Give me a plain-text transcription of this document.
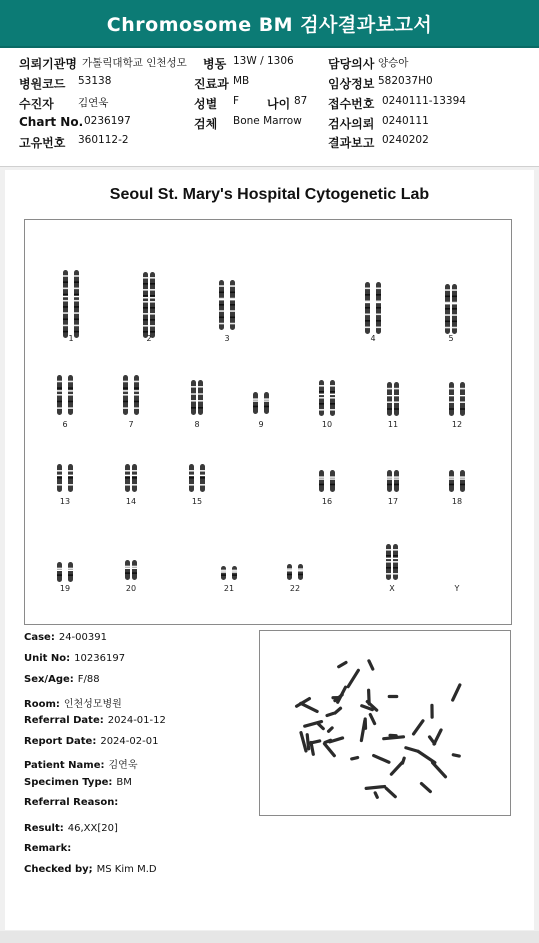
Chromosome BM 검사결과보고서
의뢰기관명 가톨릭대학교 인천성모 병동 13W / 1306	담당의사 양승아
병원코드 53138	진료과 MB	임상정보 582037H0
수진자 김연욱	성별 F 나이 87 접수번호 0240111-13394
Chart No. 0236197	검체 Bone Marrow 검사의뢰 0240111
고유번호 360112-2	결과보고 0240202
Seoul St. Mary's Hospital Cytogenetic Lab
1	2	3	4	5
6	7	8	9	10	11	12
13	14	15	16	17	18
19	20	21	22	X	Y
Case: 24-00391
Unit No: 10236197
Sex/Age: F/88
Room: 인천성모병원
Referral Date: 2024-01-12
Report Date: 2024-02-01
Patient Name: 김연욱
Specimen Type: BM
Referral Reason:
Result: 46,XX[20]
Remark:
Checked by; MS Kim M.D
